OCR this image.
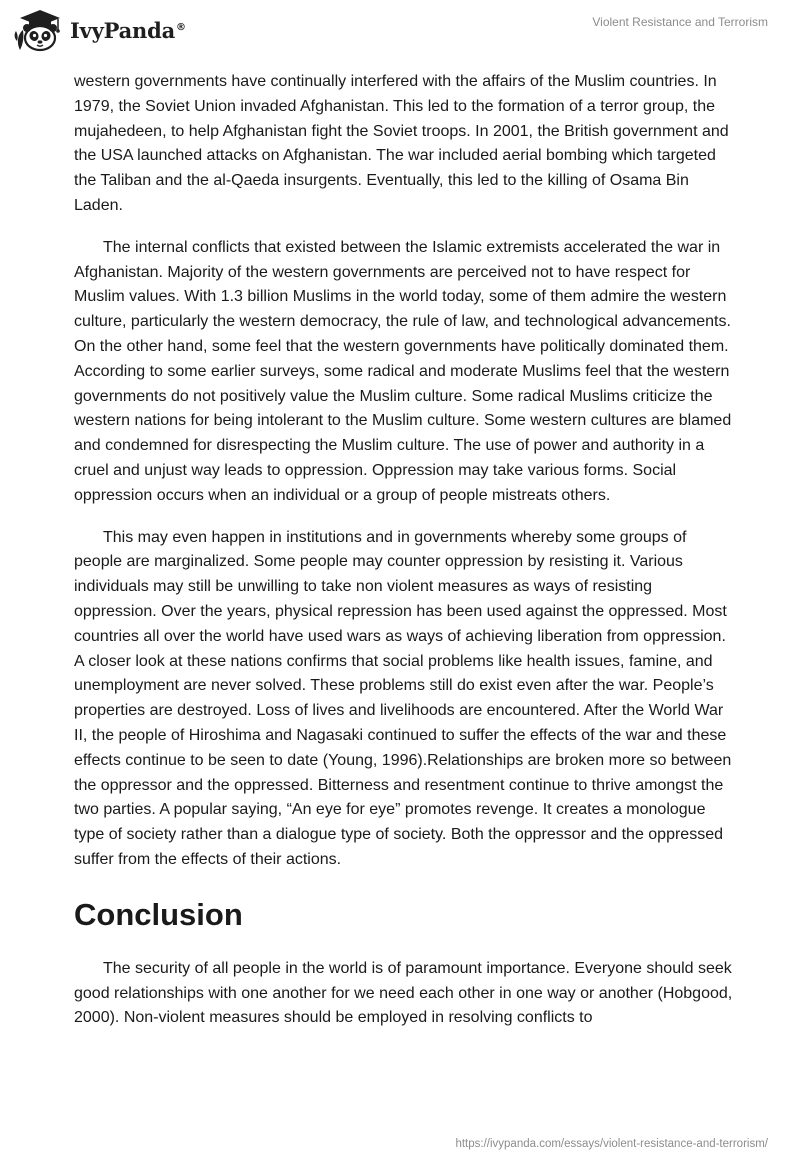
IvyPanda®	Violent Resistance and Terrorism

western governments have continually interfered with the affairs of the Muslim countries. In 1979, the Soviet Union invaded Afghanistan. This led to the formation of a terror group, the mujahedeen, to help Afghanistan fight the Soviet troops. In 2001, the British government and the USA launched attacks on Afghanistan. The war included aerial bombing which targeted the Taliban and the al-Qaeda insurgents. Eventually, this led to the killing of Osama Bin Laden.

The internal conflicts that existed between the Islamic extremists accelerated the war in Afghanistan. Majority of the western governments are perceived not to have respect for Muslim values. With 1.3 billion Muslims in the world today, some of them admire the western culture, particularly the western democracy, the rule of law, and technological advancements. On the other hand, some feel that the western governments have politically dominated them. According to some earlier surveys, some radical and moderate Muslims feel that the western governments do not positively value the Muslim culture. Some radical Muslims criticize the western nations for being intolerant to the Muslim culture. Some western cultures are blamed and condemned for disrespecting the Muslim culture. The use of power and authority in a cruel and unjust way leads to oppression. Oppression may take various forms. Social oppression occurs when an individual or a group of people mistreats others.

This may even happen in institutions and in governments whereby some groups of people are marginalized. Some people may counter oppression by resisting it. Various individuals may still be unwilling to take non violent measures as ways of resisting oppression. Over the years, physical repression has been used against the oppressed. Most countries all over the world have used wars as ways of achieving liberation from oppression. A closer look at these nations confirms that social problems like health issues, famine, and unemployment are never solved. These problems still do exist even after the war. People’s properties are destroyed. Loss of lives and livelihoods are encountered. After the World War II, the people of Hiroshima and Nagasaki continued to suffer the effects of the war and these effects continue to be seen to date (Young, 1996).Relationships are broken more so between the oppressor and the oppressed. Bitterness and resentment continue to thrive amongst the two parties. A popular saying, “An eye for eye” promotes revenge. It creates a monologue type of society rather than a dialogue type of society. Both the oppressor and the oppressed suffer from the effects of their actions.

Conclusion

The security of all people in the world is of paramount importance. Everyone should seek good relationships with one another for we need each other in one way or another (Hobgood, 2000). Non-violent measures should be employed in resolving conflicts to

https://ivypanda.com/essays/violent-resistance-and-terrorism/
